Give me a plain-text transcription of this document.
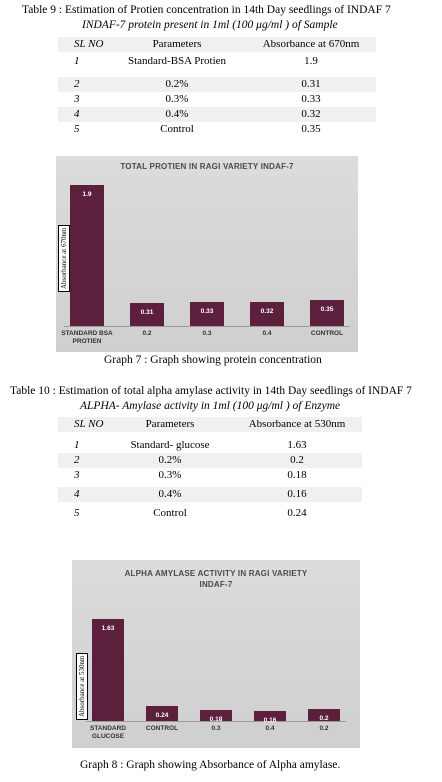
Table 9 : Estimation of Protien concentration in 14th Day seedlings of INDAF 7
INDAF-7 protein present in 1ml (100 μg/ml ) of Sample
SL NO	Parameters	Absorbance at 670nm
1	Standard-BSA Protien	1.9

2	0.2%	0.31
3	0.3%	0.33
4	0.4%	0.32
5	Control	0.35
TOTAL PROTIEN IN RAGI VARIETY INDAF-7
Absorbance at 670nm
1.9
STANDARD BSA PROTIEN
0.31
0.2
0.33
0.3
0.32
0.4
0.35
CONTROL
Graph 7 : Graph showing protein concentration
Table 10 : Estimation of total alpha amylase activity in 14th Day seedlings of INDAF 7
ALPHA- Amylase activity in 1ml (100 μg/ml ) of Enzyme
SL NO	Parameters	Absorbance at 530nm
1	Standard- glucose	1.63
2	0.2%	0.2
3	0.3%	0.18

4	0.4%	0.16

5	Control	0.24
ALPHA AMYLASE ACTIVITY IN RAGI VARIETY INDAF-7
Absorbance at 530nm
1.63
STANDARD GLUCOSE
0.24
CONTROL
0.18
0.3
0.16
0.4
0.2
0.2
Graph 8 : Graph showing Absorbance of Alpha amylase.
